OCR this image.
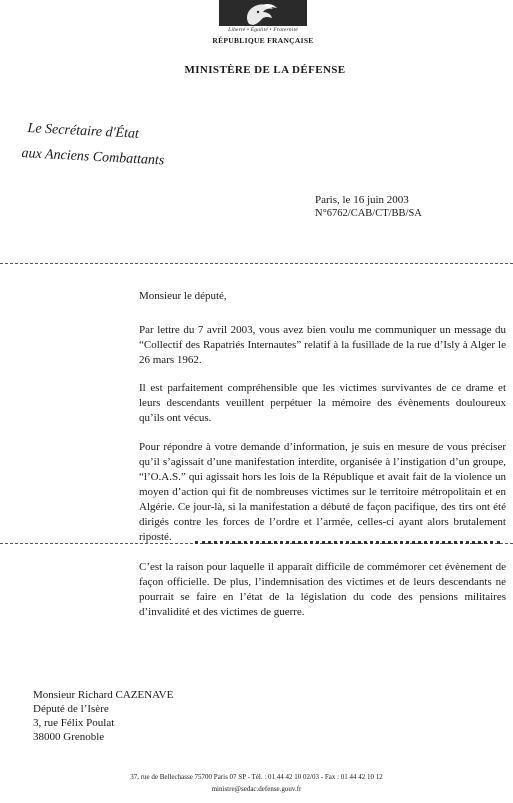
Liberté • Égalité • Fraternité
RÉPUBLIQUE FRANÇAISE
MINISTÈRE DE LA DÉFENSE
Le Secrétaire d'État
aux Anciens Combattants
Paris, le 16 juin 2003
N°6762/CAB/CT/BB/SA
Monsieur le député,
Par lettre du 7 avril 2003, vous avez bien voulu me communiquer un message du “Collectif des Rapatriés Internautes” relatif à la fusillade de la rue d’Isly à Alger le 26 mars 1962.
Il est parfaitement compréhensible que les victimes survivantes de ce drame et leurs descendants veuillent perpétuer la mémoire des évènements douloureux qu’ils ont vécus.
Pour répondre à votre demande d’information, je suis en mesure de vous préciser qu’il s’agissait d’une manifestation interdite, organisée à l’instigation d’un groupe, “l’O.A.S.” qui agissait hors les lois de la République et avait fait de la violence un moyen d’action qui fit de nombreuses victimes sur le territoire métropolitain et en Algérie. Ce jour-là, si la manifestation a débuté de façon pacifique, des tirs ont été dirigés contre les forces de l’ordre et l’armée, celles-ci ayant alors brutalement riposté.
C’est la raison pour laquelle il apparaît difficile de commémorer cet évènement de façon officielle. De plus, l’indemnisation des victimes et de leurs descendants ne pourrait se faire en l’état de la législation du code des pensions militaires d’invalidité et des victimes de guerre.
Monsieur Richard CAZENAVE
Député de l’Isère
3, rue Félix Poulat
38000 Grenoble
37, rue de Bellechasse 75700 Paris 07 SP - Tél. : 01 44 42 10 02/03 - Fax : 01 44 42 10 12
ministre@sedac.defense.gouv.fr
